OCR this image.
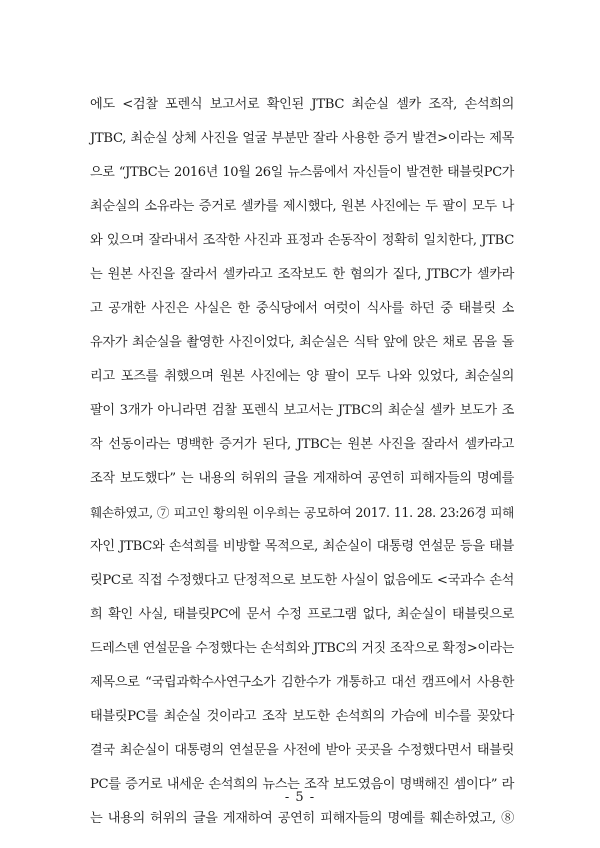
에도 <검찰 포렌식 보고서로 확인된 JTBC 최순실 셀카 조작, 손석희의
JTBC, 최순실 상체 사진을 얼굴 부분만 잘라 사용한 증거 발견>이라는 제목
으로 “JTBC는 2016년 10월 26일 뉴스룸에서 자신들이 발견한 태블릿PC가
최순실의 소유라는 증거로 셀카를 제시했다, 원본 사진에는 두 팔이 모두 나
와 있으며 잘라내서 조작한 사진과 표정과 손동작이 정확히 일치한다, JTBC
는 원본 사진을 잘라서 셀카라고 조작보도 한 혐의가 짙다, JTBC가 셀카라
고 공개한 사진은 사실은 한 중식당에서 여럿이 식사를 하던 중 태블릿 소
유자가 최순실을 촬영한 사진이었다, 최순실은 식탁 앞에 앉은 채로 몸을 돌
리고 포즈를 취했으며 원본 사진에는 양 팔이 모두 나와 있었다, 최순실의
팔이 3개가 아니라면 검찰 포렌식 보고서는 JTBC의 최순실 셀카 보도가 조
작 선동이라는 명백한 증거가 된다, JTBC는 원본 사진을 잘라서 셀카라고
조작 보도했다” 는 내용의 허위의 글을 게재하여 공연히 피해자들의 명예를
훼손하였고, ⑦ 피고인 황의원 이우희는 공모하여 2017. 11. 28. 23:26경 피해
자인 JTBC와 손석희를 비방할 목적으로, 최순실이 대통령 연설문 등을 태블
릿PC로 직접 수정했다고 단정적으로 보도한 사실이 없음에도 <국과수 손석
희 확인 사실, 태블릿PC에 문서 수정 프로그램 없다, 최순실이 태블릿으로
드레스덴 연설문을 수정했다는 손석희와 JTBC의 거짓 조작으로 확정>이라는
제목으로 “국립과학수사연구소가 김한수가 개통하고 대선 캠프에서 사용한
태블릿PC를 최순실 것이라고 조작 보도한 손석희의 가슴에 비수를 꽂았다
결국 최순실이 대통령의 연설문을 사전에 받아 곳곳을 수정했다면서 태블릿
PC를 증거로 내세운 손석희의 뉴스는 조작 보도였음이 명백해진 셈이다” 라
는 내용의 허위의 글을 게재하여 공연히 피해자들의 명예를 훼손하였고, ⑧
- 5 -
